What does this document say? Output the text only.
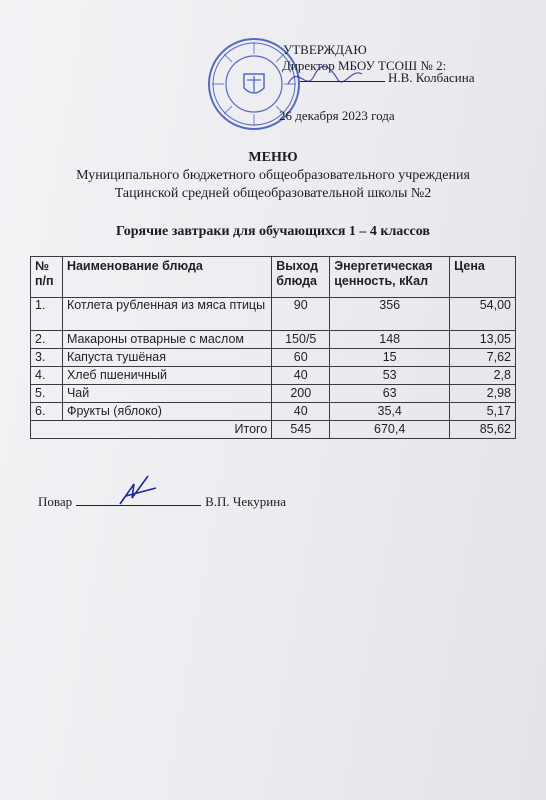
УТВЕРЖДАЮ
Директор МБОУ ТСОШ № 2:
Н.В. Колбасина
26 декабря 2023 года
МЕНЮ
Муниципального бюджетного общеобразовательного учреждения
Тацинской средней общеобразовательной школы №2
Горячие завтраки для обучающихся 1 – 4 классов
№ п/п	Наименование блюда	Выход блюда	Энергетическая ценность, кКал	Цена
1.	Котлета рубленная из мяса птицы	90	356	54,00
2.	Макароны отварные с маслом	150/5	148	13,05
3.	Капуста тушёная	60	15	7,62
4.	Хлеб пшеничный	40	53	2,8
5.	Чай	200	63	2,98
6.	Фрукты (яблоко)	40	35,4	5,17
Итого		545	670,4	85,62
Повар	В.П. Чекурина
